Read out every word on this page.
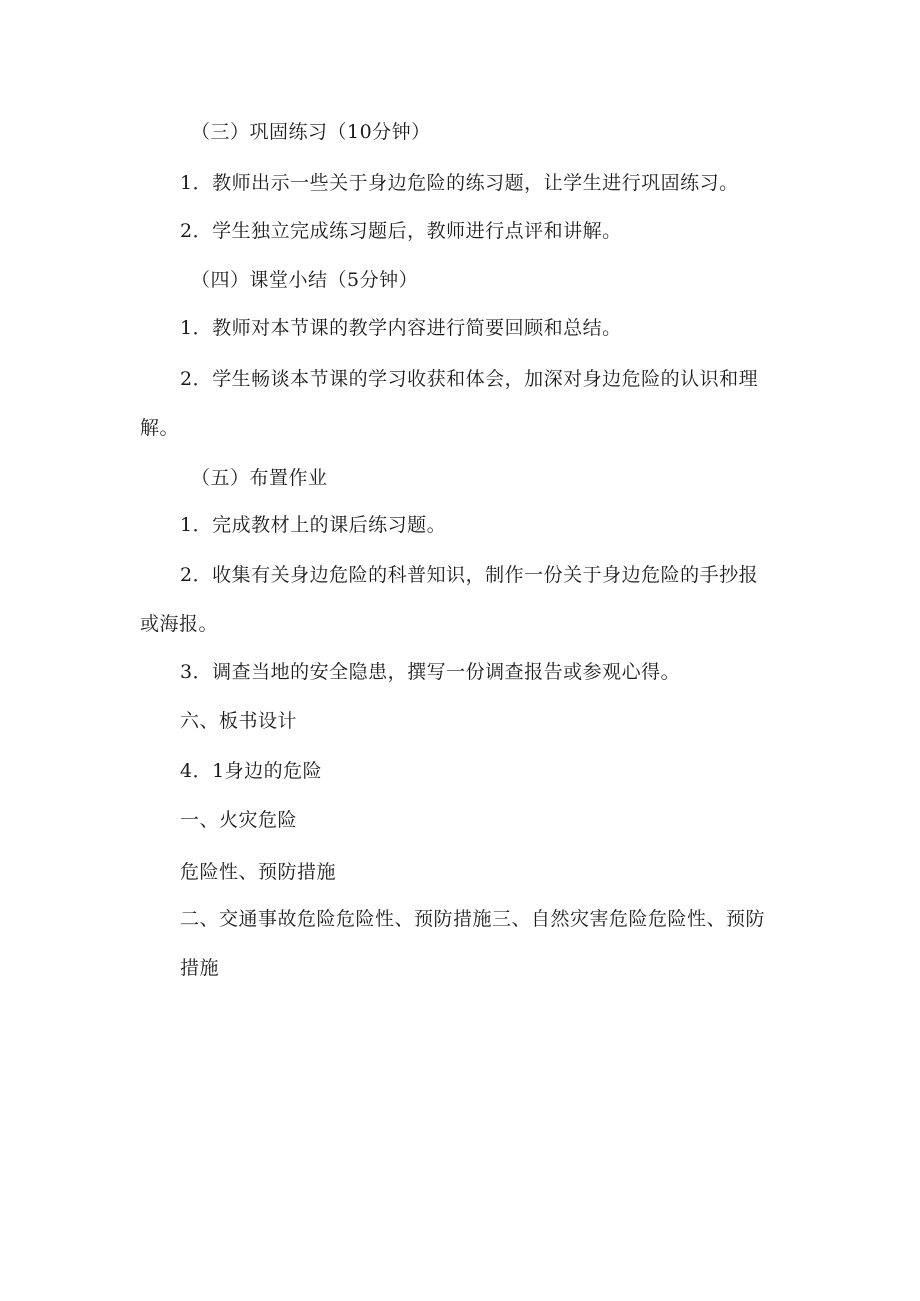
（三）巩固练习（10分钟）
1．教师出示一些关于身边危险的练习题，让学生进行巩固练习。
2．学生独立完成练习题后，教师进行点评和讲解。
（四）课堂小结（5分钟）
1．教师对本节课的教学内容进行简要回顾和总结。
2．学生畅谈本节课的学习收获和体会，加深对身边危险的认识和理
解。
（五）布置作业
1．完成教材上的课后练习题。
2．收集有关身边危险的科普知识，制作一份关于身边危险的手抄报
或海报。
3．调查当地的安全隐患，撰写一份调查报告或参观心得。
六、板书设计
4．1身边的危险
一、火灾危险
危险性、预防措施
二、交通事故危险危险性、预防措施三、自然灾害危险危险性、预防
措施
